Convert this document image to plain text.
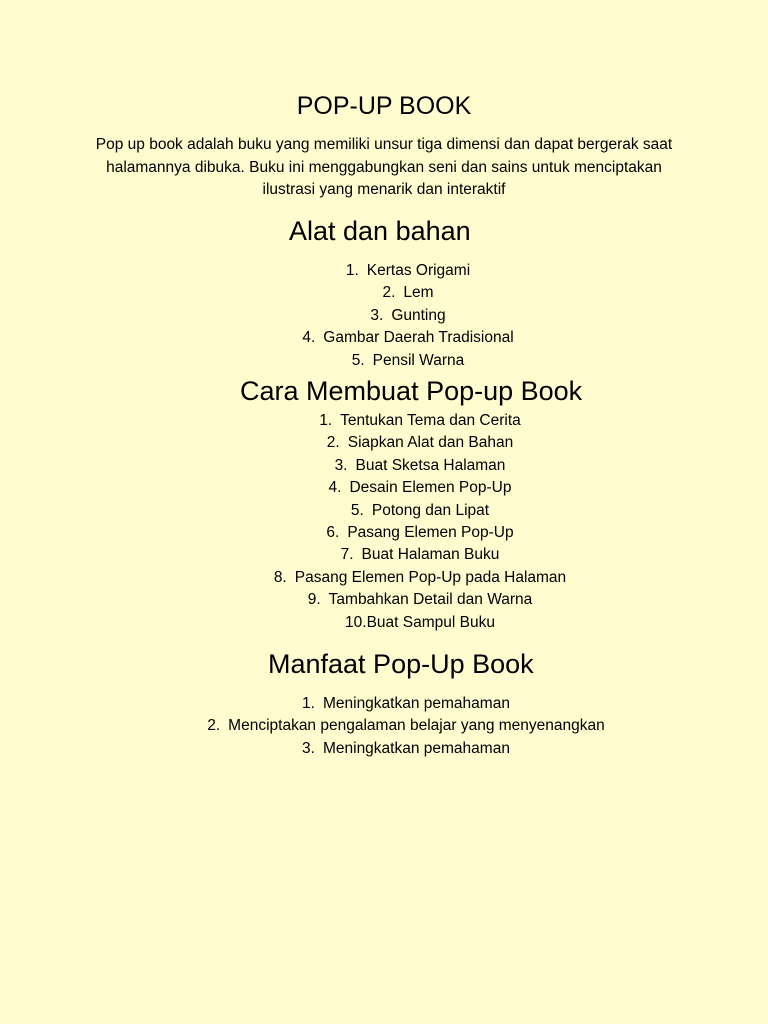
POP-UP BOOK
Pop up book adalah buku yang memiliki unsur tiga dimensi dan dapat bergerak saat halamannya dibuka. Buku ini menggabungkan seni dan sains untuk menciptakan ilustrasi yang menarik dan interaktif
Alat dan bahan
1. Kertas Origami
2. Lem
3. Gunting
4. Gambar Daerah Tradisional
5. Pensil Warna
Cara Membuat Pop-up Book
1. Tentukan Tema dan Cerita
2. Siapkan Alat dan Bahan
3. Buat Sketsa Halaman
4. Desain Elemen Pop-Up
5. Potong dan Lipat
6. Pasang Elemen Pop-Up
7. Buat Halaman Buku
8. Pasang Elemen Pop-Up pada Halaman
9. Tambahkan Detail dan Warna
10.Buat Sampul Buku
Manfaat Pop-Up Book
1. Meningkatkan pemahaman
2. Menciptakan pengalaman belajar yang menyenangkan
3. Meningkatkan pemahaman
